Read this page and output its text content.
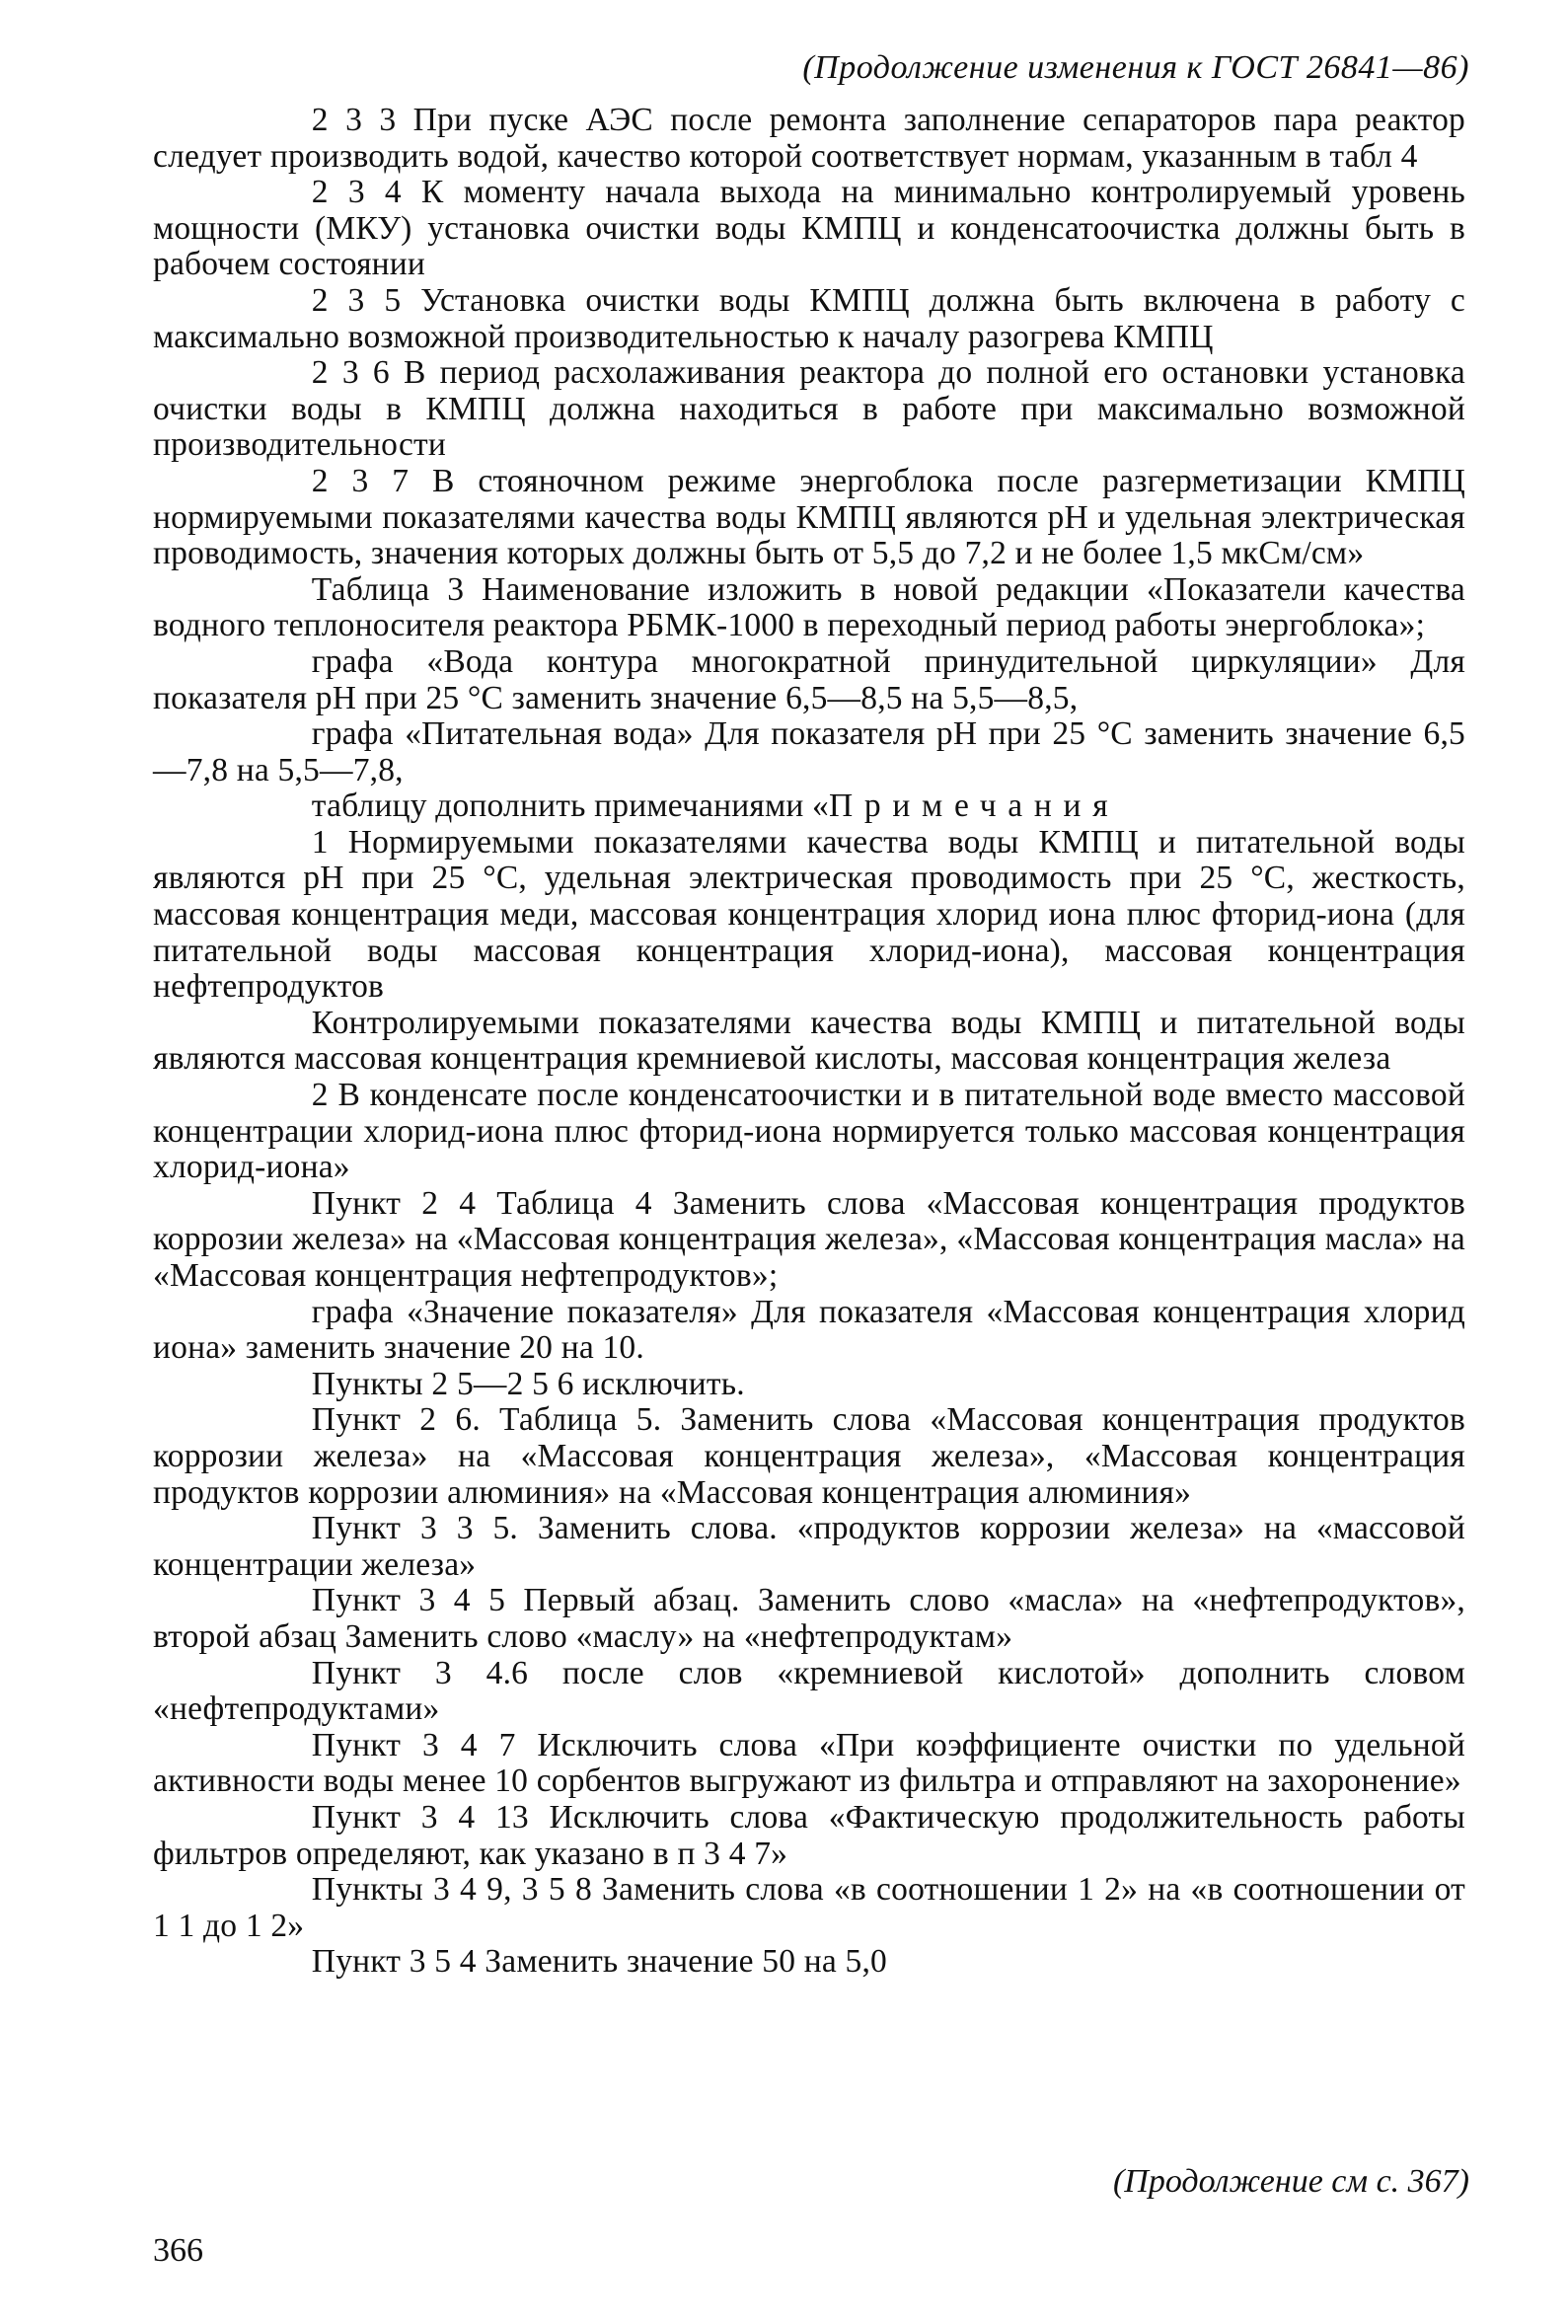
(Продолжение изменения к ГОСТ 26841—86)

2 3 3 При пуске АЭС после ремонта заполнение сепараторов пара реактор следует производить водой, качество которой соответствует нормам, указанным в табл 4

2 3 4 К моменту начала выхода на минимально контролируемый уровень мощности (МКУ) установка очистки воды КМПЦ и конденсатоочистка должны быть в рабочем состоянии

2 3 5 Установка очистки воды КМПЦ должна быть включена в работу с максимально возможной производительностью к началу разогрева КМПЦ

2 3 6 В период расхолаживания реактора до полной его остановки установка очистки воды в КМПЦ должна находиться в работе при максимально возможной производительности

2 3 7 В стояночном режиме энергоблока после разгерметизации КМПЦ нормируемыми показателями качества воды КМПЦ являются рН и удельная электрическая проводимость, значения которых должны быть от 5,5 до 7,2 и не более 1,5 мкСм/см»

Таблица 3 Наименование изложить в новой редакции «Показатели качества водного теплоносителя реактора РБМК-1000 в переходный период работы энергоблока»;

графа «Вода контура многократной принудительной циркуляции» Для показателя рН при 25 °С заменить значение 6,5—8,5 на 5,5—8,5,

графа «Питательная вода» Для показателя рН при 25 °С заменить значение 6,5—7,8 на 5,5—7,8,

таблицу дополнить примечаниями «Примечания

1 Нормируемыми показателями качества воды КМПЦ и питательной воды являются рН при 25 °С, удельная электрическая проводимость при 25 °С, жесткость, массовая концентрация меди, массовая концентрация хлорид иона плюс фторид-иона (для питательной воды массовая концентрация хлорид-иона), массовая концентрация нефтепродуктов

Контролируемыми показателями качества воды КМПЦ и питательной воды являются массовая концентрация кремниевой кислоты, массовая концентрация железа

2 В конденсате после конденсатоочистки и в питательной воде вместо массовой концентрации хлорид-иона плюс фторид-иона нормируется только массовая концентрация хлорид-иона»

Пункт 2 4 Таблица 4 Заменить слова «Массовая концентрация продуктов коррозии железа» на «Массовая концентрация железа», «Массовая концентрация масла» на «Массовая концентрация нефтепродуктов»;

графа «Значение показателя» Для показателя «Массовая концентрация хлорид иона» заменить значение 20 на 10.

Пункты 2 5—2 5 6 исключить.

Пункт 2 6. Таблица 5. Заменить слова «Массовая концентрация продуктов коррозии железа» на «Массовая концентрация железа», «Массовая концентрация продуктов коррозии алюминия» на «Массовая концентрация алюминия»

Пункт 3 3 5. Заменить слова. «продуктов коррозии железа» на «массовой концентрации железа»

Пункт 3 4 5 Первый абзац. Заменить слово «масла» на «нефтепродуктов», второй абзац Заменить слово «маслу» на «нефтепродуктам»

Пункт 3 4.6 после слов «кремниевой кислотой» дополнить словом «нефтепродуктами»

Пункт 3 4 7 Исключить слова «При коэффициенте очистки по удельной активности воды менее 10 сорбентов выгружают из фильтра и отправляют на захоронение»

Пункт 3 4 13 Исключить слова «Фактическую продолжительность работы фильтров определяют, как указано в п 3 4 7»

Пункты 3 4 9, 3 5 8 Заменить слова «в соотношении 1 2» на «в соотношении от 1 1 до 1 2»

Пункт 3 5 4 Заменить значение 50 на 5,0

(Продолжение см с. 367)
366
